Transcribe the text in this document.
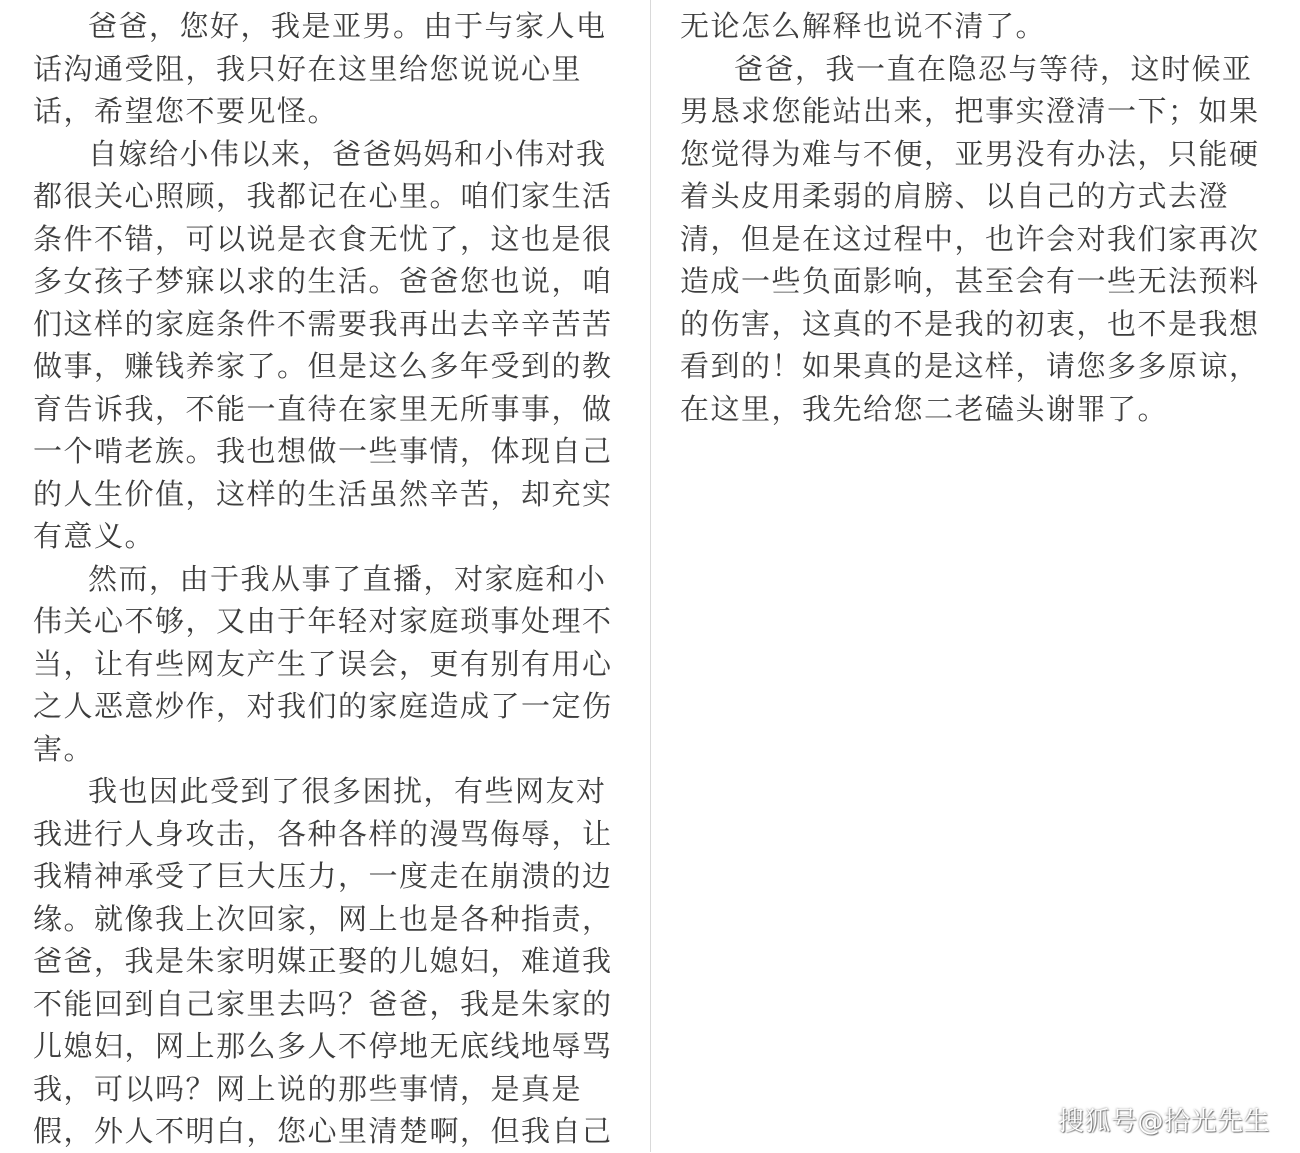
爸爸，您好，我是亚男。由于与家人电
话沟通受阻，我只好在这里给您说说心里
话，希望您不要见怪。
自嫁给小伟以来，爸爸妈妈和小伟对我
都很关心照顾，我都记在心里。咱们家生活
条件不错，可以说是衣食无忧了，这也是很
多女孩子梦寐以求的生活。爸爸您也说，咱
们这样的家庭条件不需要我再出去辛辛苦苦
做事，赚钱养家了。但是这么多年受到的教
育告诉我，不能一直待在家里无所事事，做
一个啃老族。我也想做一些事情，体现自己
的人生价值，这样的生活虽然辛苦，却充实
有意义。
然而，由于我从事了直播，对家庭和小
伟关心不够，又由于年轻对家庭琐事处理不
当，让有些网友产生了误会，更有别有用心
之人恶意炒作，对我们的家庭造成了一定伤
害。
我也因此受到了很多困扰，有些网友对
我进行人身攻击，各种各样的漫骂侮辱，让
我精神承受了巨大压力，一度走在崩溃的边
缘。就像我上次回家，网上也是各种指责，
爸爸，我是朱家明媒正娶的儿媳妇，难道我
不能回到自己家里去吗？爸爸，我是朱家的
儿媳妇，网上那么多人不停地无底线地辱骂
我，可以吗？网上说的那些事情，是真是
假，外人不明白，您心里清楚啊，但我自己
无论怎么解释也说不清了。
爸爸，我一直在隐忍与等待，这时候亚
男恳求您能站出来，把事实澄清一下；如果
您觉得为难与不便，亚男没有办法，只能硬
着头皮用柔弱的肩膀、以自己的方式去澄
清，但是在这过程中，也许会对我们家再次
造成一些负面影响，甚至会有一些无法预料
的伤害，这真的不是我的初衷，也不是我想
看到的！如果真的是这样，请您多多原谅，
在这里，我先给您二老磕头谢罪了。
搜狐号@拾光先生
